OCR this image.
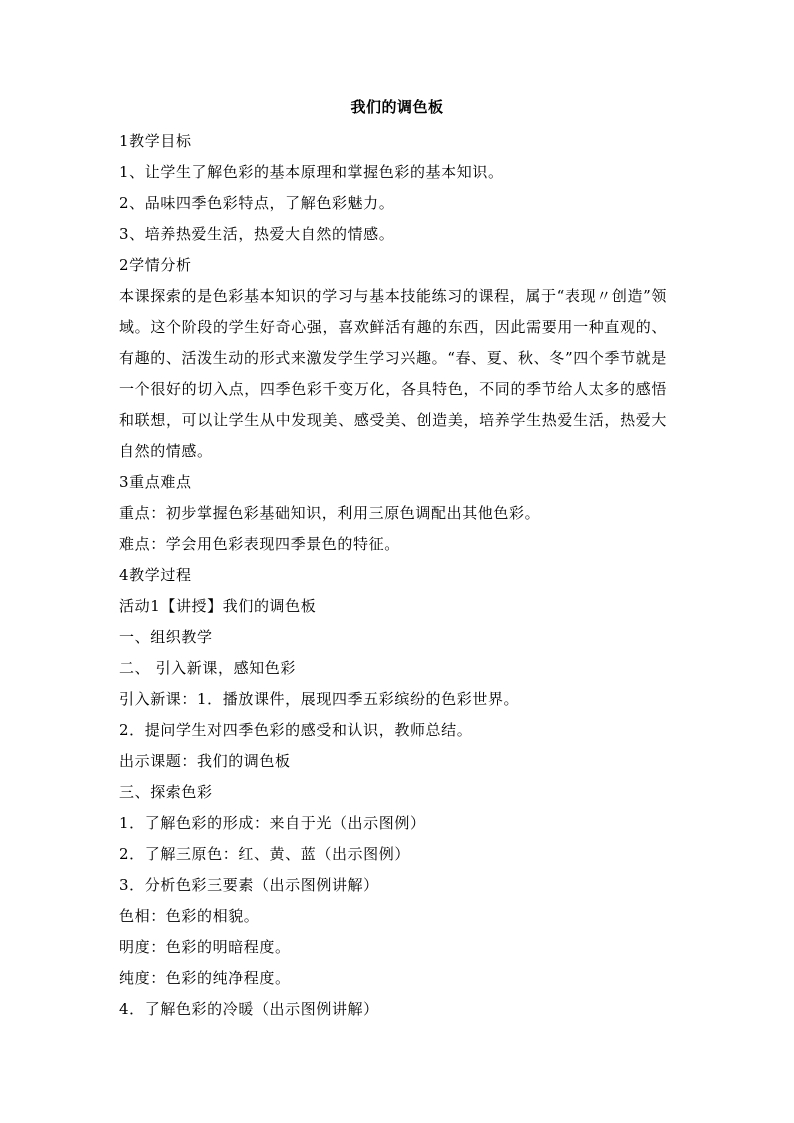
我们的调色板

1教学目标

1、让学生了解色彩的基本原理和掌握色彩的基本知识。

2、品味四季色彩特点，了解色彩魅力。

3、培养热爱生活，热爱大自然的情感。

2学情分析

本课探索的是色彩基本知识的学习与基本技能练习的课程，属于“表现〃创造”领域。这个阶段的学生好奇心强，喜欢鲜活有趣的东西，因此需要用一种直观的、有趣的、活泼生动的形式来激发学生学习兴趣。“春、夏、秋、冬”四个季节就是一个很好的切入点，四季色彩千变万化，各具特色，不同的季节给人太多的感悟和联想，可以让学生从中发现美、感受美、创造美，培养学生热爱生活，热爱大自然的情感。

3重点难点

重点：初步掌握色彩基础知识，利用三原色调配出其他色彩。

难点：学会用色彩表现四季景色的特征。

4教学过程

活动1【讲授】我们的调色板

一、组织教学

二、 引入新课，感知色彩

引入新课：1．播放课件，展现四季五彩缤纷的色彩世界。

2．提问学生对四季色彩的感受和认识，教师总结。

出示课题：我们的调色板

三、探索色彩

1．了解色彩的形成：来自于光（出示图例）

2．了解三原色：红、黄、蓝（出示图例）

3．分析色彩三要素（出示图例讲解）

色相：色彩的相貌。

明度：色彩的明暗程度。

纯度：色彩的纯净程度。

4．了解色彩的冷暖（出示图例讲解）
